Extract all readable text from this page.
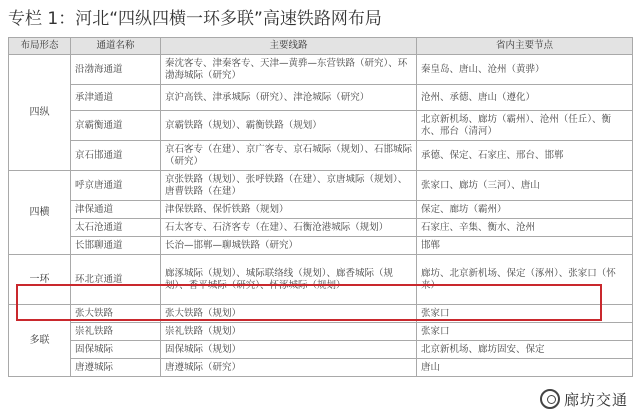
专栏 1：河北“四纵四横一环多联”高速铁路网布局
布局形态	通道名称	主要线路	省内主要节点
四纵	沿渤海通道	秦沈客专、津秦客专、天津—黄骅—东营铁路（研究）、环渤海城际（研究）	秦皇岛、唐山、沧州（黄骅）
	承津通道	京沪高铁、津承城际（研究）、津沧城际（研究）	沧州、承德、唐山（遵化）
	京霸衡通道	京霸铁路（规划）、霸衡铁路（规划）	北京新机场、廊坊（霸州）、沧州（任丘）、衡水、邢台（清河）
	京石邯通道	京石客专（在建）、京广客专、京石城际（规划）、石邯城际（研究）	承德、保定、石家庄、邢台、邯郸
四横	呼京唐通道	京张铁路（规划）、张呼铁路（在建）、京唐城际（规划）、唐曹铁路（在建）	张家口、廊坊（三河）、唐山
	津保通道	津保铁路、保忻铁路（规划）	保定、廊坊（霸州）
	太石沧通道	石太客专、石济客专（在建）、石衡沧港城际（规划）	石家庄、辛集、衡水、沧州
	长邯聊通道	长治—邯郸—聊城铁路（研究）	邯郸
一环	环北京通道	廊涿城际（规划）、城际联络线（规划）、廊香城际（规划）、香平城际（研究）、怀涿城际（规划）	廊坊、北京新机场、保定（涿州）、张家口（怀来）
多联	张大铁路	张大铁路（规划）	张家口
	崇礼铁路	崇礼铁路（规划）	张家口
	固保城际	固保城际（规划）	北京新机场、廊坊固安、保定
	唐遵城际	唐遵城际（研究）	唐山
廊坊交通
